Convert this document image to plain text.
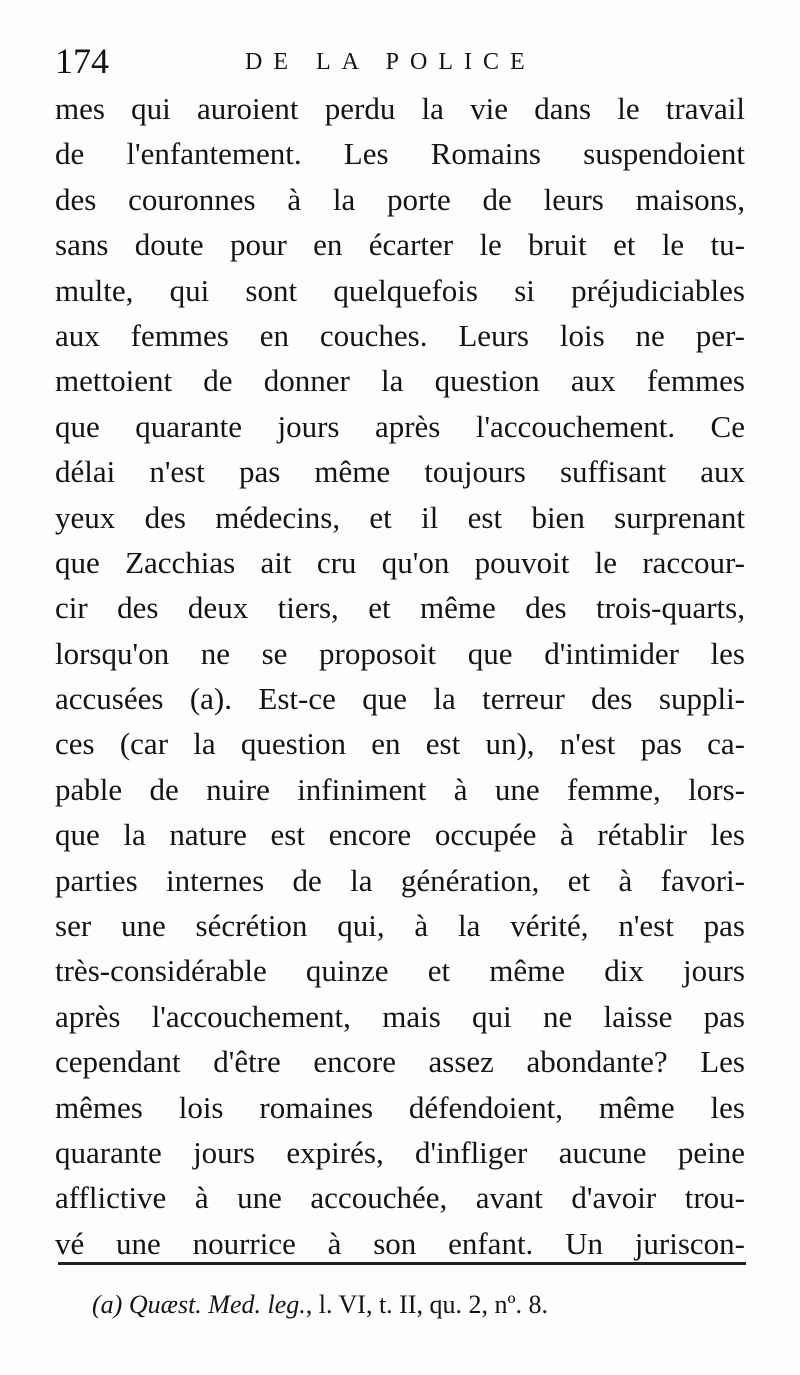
174	DE LA POLICE
mes qui auroient perdu la vie dans le travail
de l'enfantement. Les Romains suspendoient
des couronnes à la porte de leurs maisons,
sans doute pour en écarter le bruit et le tu-
multe, qui sont quelquefois si préjudiciables
aux femmes en couches. Leurs lois ne per-
mettoient de donner la question aux femmes
que quarante jours après l'accouchement. Ce
délai n'est pas même toujours suffisant aux
yeux des médecins, et il est bien surprenant
que Zacchias ait cru qu'on pouvoit le raccour-
cir des deux tiers, et même des trois-quarts,
lorsqu'on ne se proposoit que d'intimider les
accusées (a). Est-ce que la terreur des suppli-
ces (car la question en est un), n'est pas ca-
pable de nuire infiniment à une femme, lors-
que la nature est encore occupée à rétablir les
parties internes de la génération, et à favori-
ser une sécrétion qui, à la vérité, n'est pas
très-considérable quinze et même dix jours
après l'accouchement, mais qui ne laisse pas
cependant d'être encore assez abondante? Les
mêmes lois romaines défendoient, même les
quarante jours expirés, d'infliger aucune peine
afflictive à une accouchée, avant d'avoir trou-
vé une nourrice à son enfant. Un juriscon-
(a) Quæst. Med. leg., l. VI, t. II, qu. 2, nº. 8.
